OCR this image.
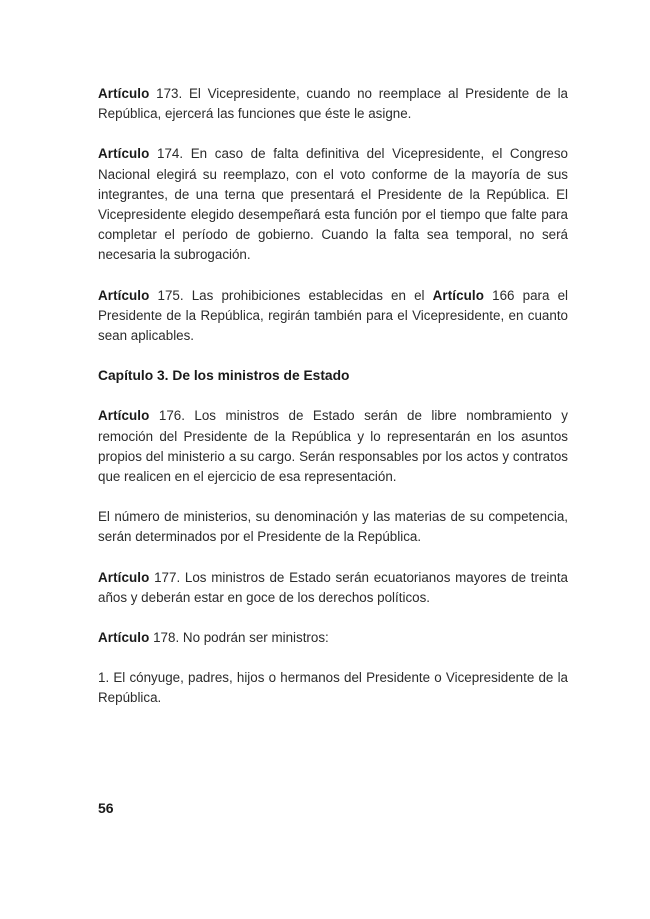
Artículo 173. El Vicepresidente, cuando no reemplace al Presidente de la República, ejercerá las funciones que éste le asigne.

Artículo 174. En caso de falta definitiva del Vicepresidente, el Congreso Nacional elegirá su reemplazo, con el voto conforme de la mayoría de sus integrantes, de una terna que presentará el Presidente de la República. El Vicepresidente elegido desempeñará esta función por el tiempo que falte para completar el período de gobierno. Cuando la falta sea temporal, no será necesaria la subrogación.

Artículo 175. Las prohibiciones establecidas en el Artículo 166 para el Presidente de la República, regirán también para el Vicepresidente, en cuanto sean aplicables.

Capítulo 3. De los ministros de Estado

Artículo 176. Los ministros de Estado serán de libre nombramiento y remoción del Presidente de la República y lo representarán en los asuntos propios del ministerio a su cargo. Serán responsables por los actos y contratos que realicen en el ejercicio de esa representación.

El número de ministerios, su denominación y las materias de su competencia, serán determinados por el Presidente de la República.

Artículo 177. Los ministros de Estado serán ecuatorianos mayores de treinta años y deberán estar en goce de los derechos políticos.

Artículo 178. No podrán ser ministros:

1. El cónyuge, padres, hijos o hermanos del Presidente o Vicepresidente de la República.

56
